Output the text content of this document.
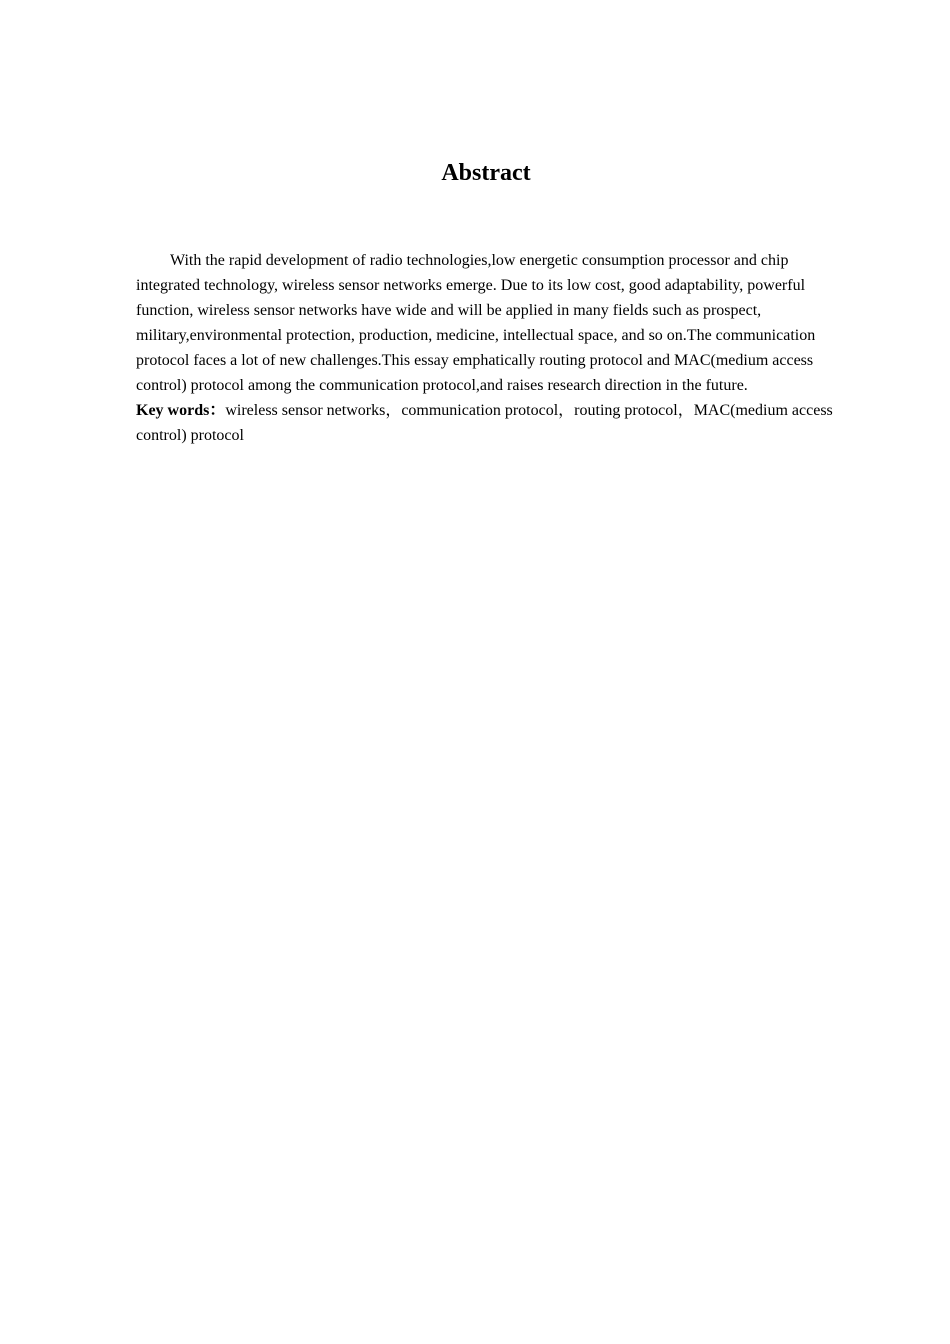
Abstract

With the rapid development of radio technologies,low energetic consumption processor and chip integrated technology, wireless sensor networks emerge. Due to its low cost, good adaptability, powerful function, wireless sensor networks have wide and will be applied in many fields such as prospect, military,environmental protection, production, medicine, intellectual space, and so on.The communication protocol faces a lot of new challenges.This essay emphatically routing protocol and MAC(medium access control) protocol among the communication protocol,and raises research direction in the future.

Key words：wireless sensor networks，communication protocol，routing protocol，MAC(medium access control) protocol
